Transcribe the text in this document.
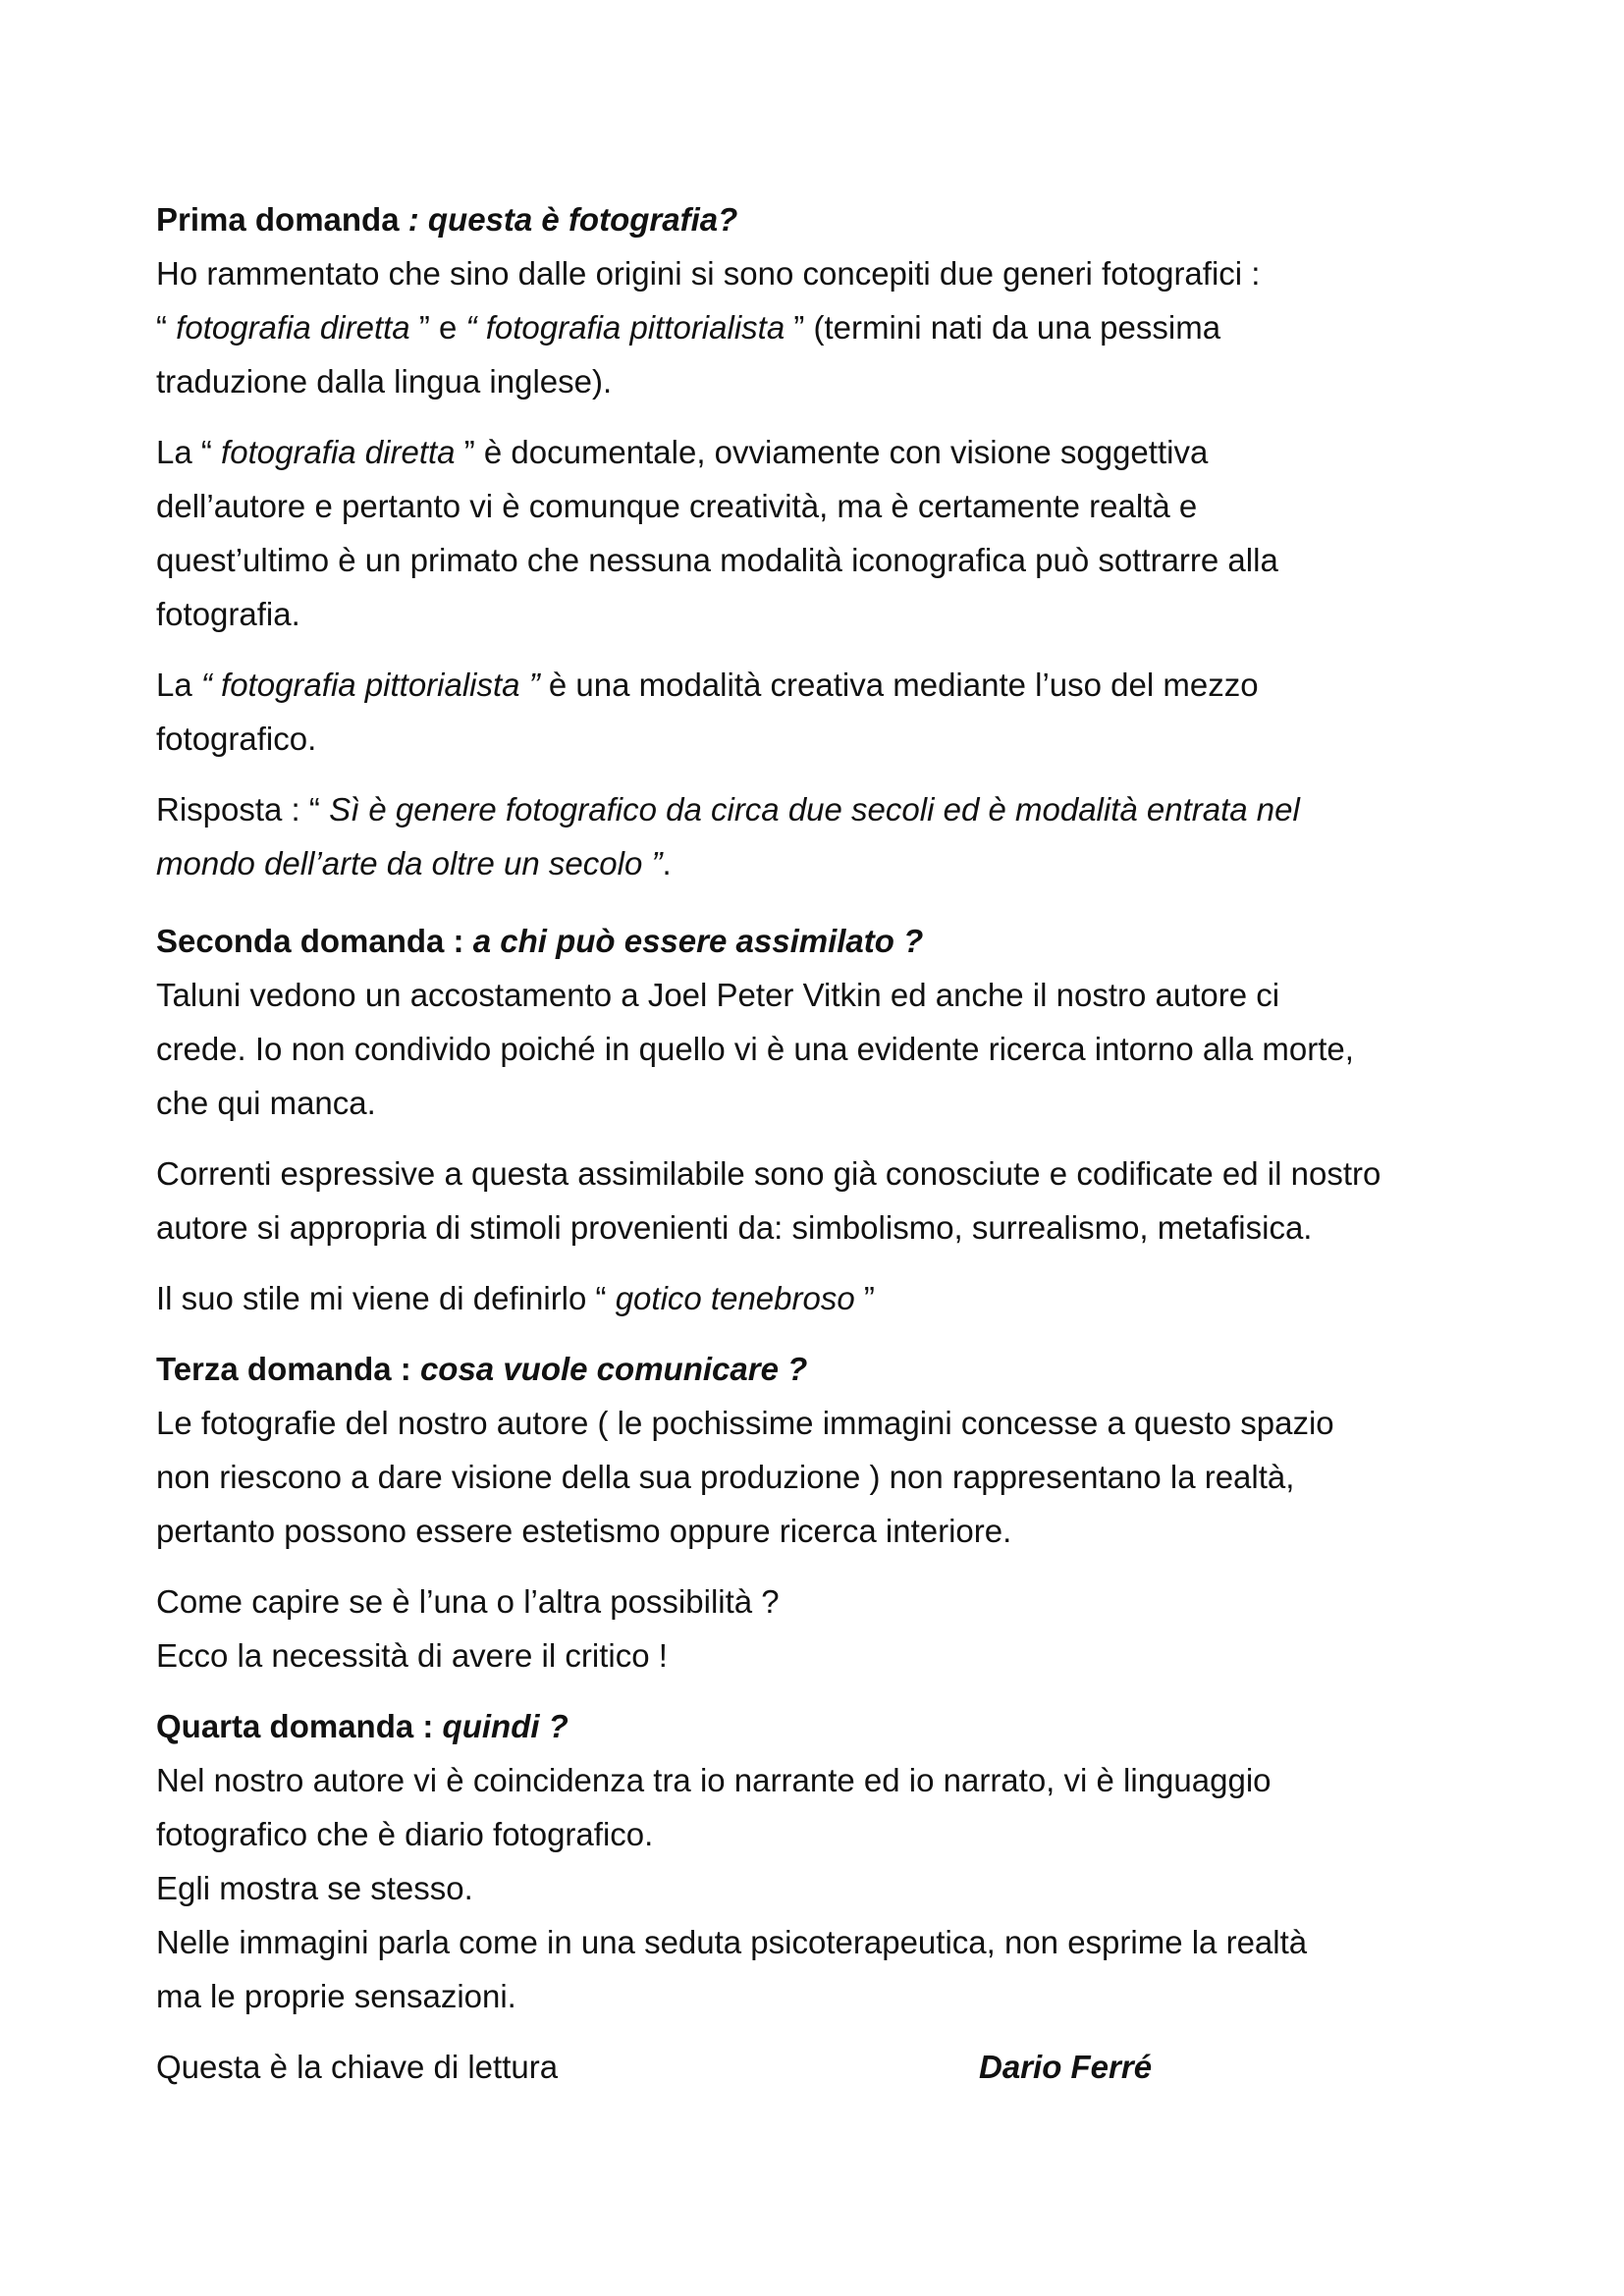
Prima domanda : questa è fotografia?
Ho rammentato che sino dalle origini si sono concepiti due generi fotografici :
“ fotografia diretta ” e “ fotografia pittorialista ” (termini nati da una pessima
traduzione dalla lingua inglese).
La “ fotografia diretta ” è documentale, ovviamente con visione soggettiva
dell’autore e pertanto vi è comunque creatività, ma è certamente realtà e
quest’ultimo è un primato che nessuna modalità iconografica può sottrarre alla
fotografia.
La “ fotografia pittorialista ” è una modalità creativa mediante l’uso del mezzo
fotografico.
Risposta : “ Sì è genere fotografico da circa due secoli ed è modalità entrata nel
mondo dell’arte da oltre un secolo ”.
Seconda domanda : a chi può essere assimilato ?
Taluni vedono un accostamento a Joel Peter Vitkin ed anche il nostro autore ci
crede. Io non condivido poiché in quello vi è una evidente ricerca intorno alla morte,
che qui manca.
Correnti espressive a questa assimilabile sono già conosciute e codificate ed il nostro
autore si appropria di stimoli provenienti da: simbolismo, surrealismo, metafisica.
Il suo stile mi viene di definirlo “ gotico tenebroso ”
Terza domanda : cosa vuole comunicare ?
Le fotografie del nostro autore ( le pochissime immagini concesse a questo spazio
non riescono a dare visione della sua produzione ) non rappresentano la realtà,
pertanto possono essere estetismo oppure ricerca interiore.
Come capire se è l’una o l’altra possibilità ?
Ecco la necessità di avere il critico !
Quarta domanda : quindi ?
Nel nostro autore vi è coincidenza tra io narrante ed io narrato, vi è linguaggio
fotografico che è diario fotografico.
Egli mostra se stesso.
Nelle immagini parla come in una seduta psicoterapeutica, non esprime la realtà
ma le proprie sensazioni.
Questa è la chiave di lettura	Dario Ferré
